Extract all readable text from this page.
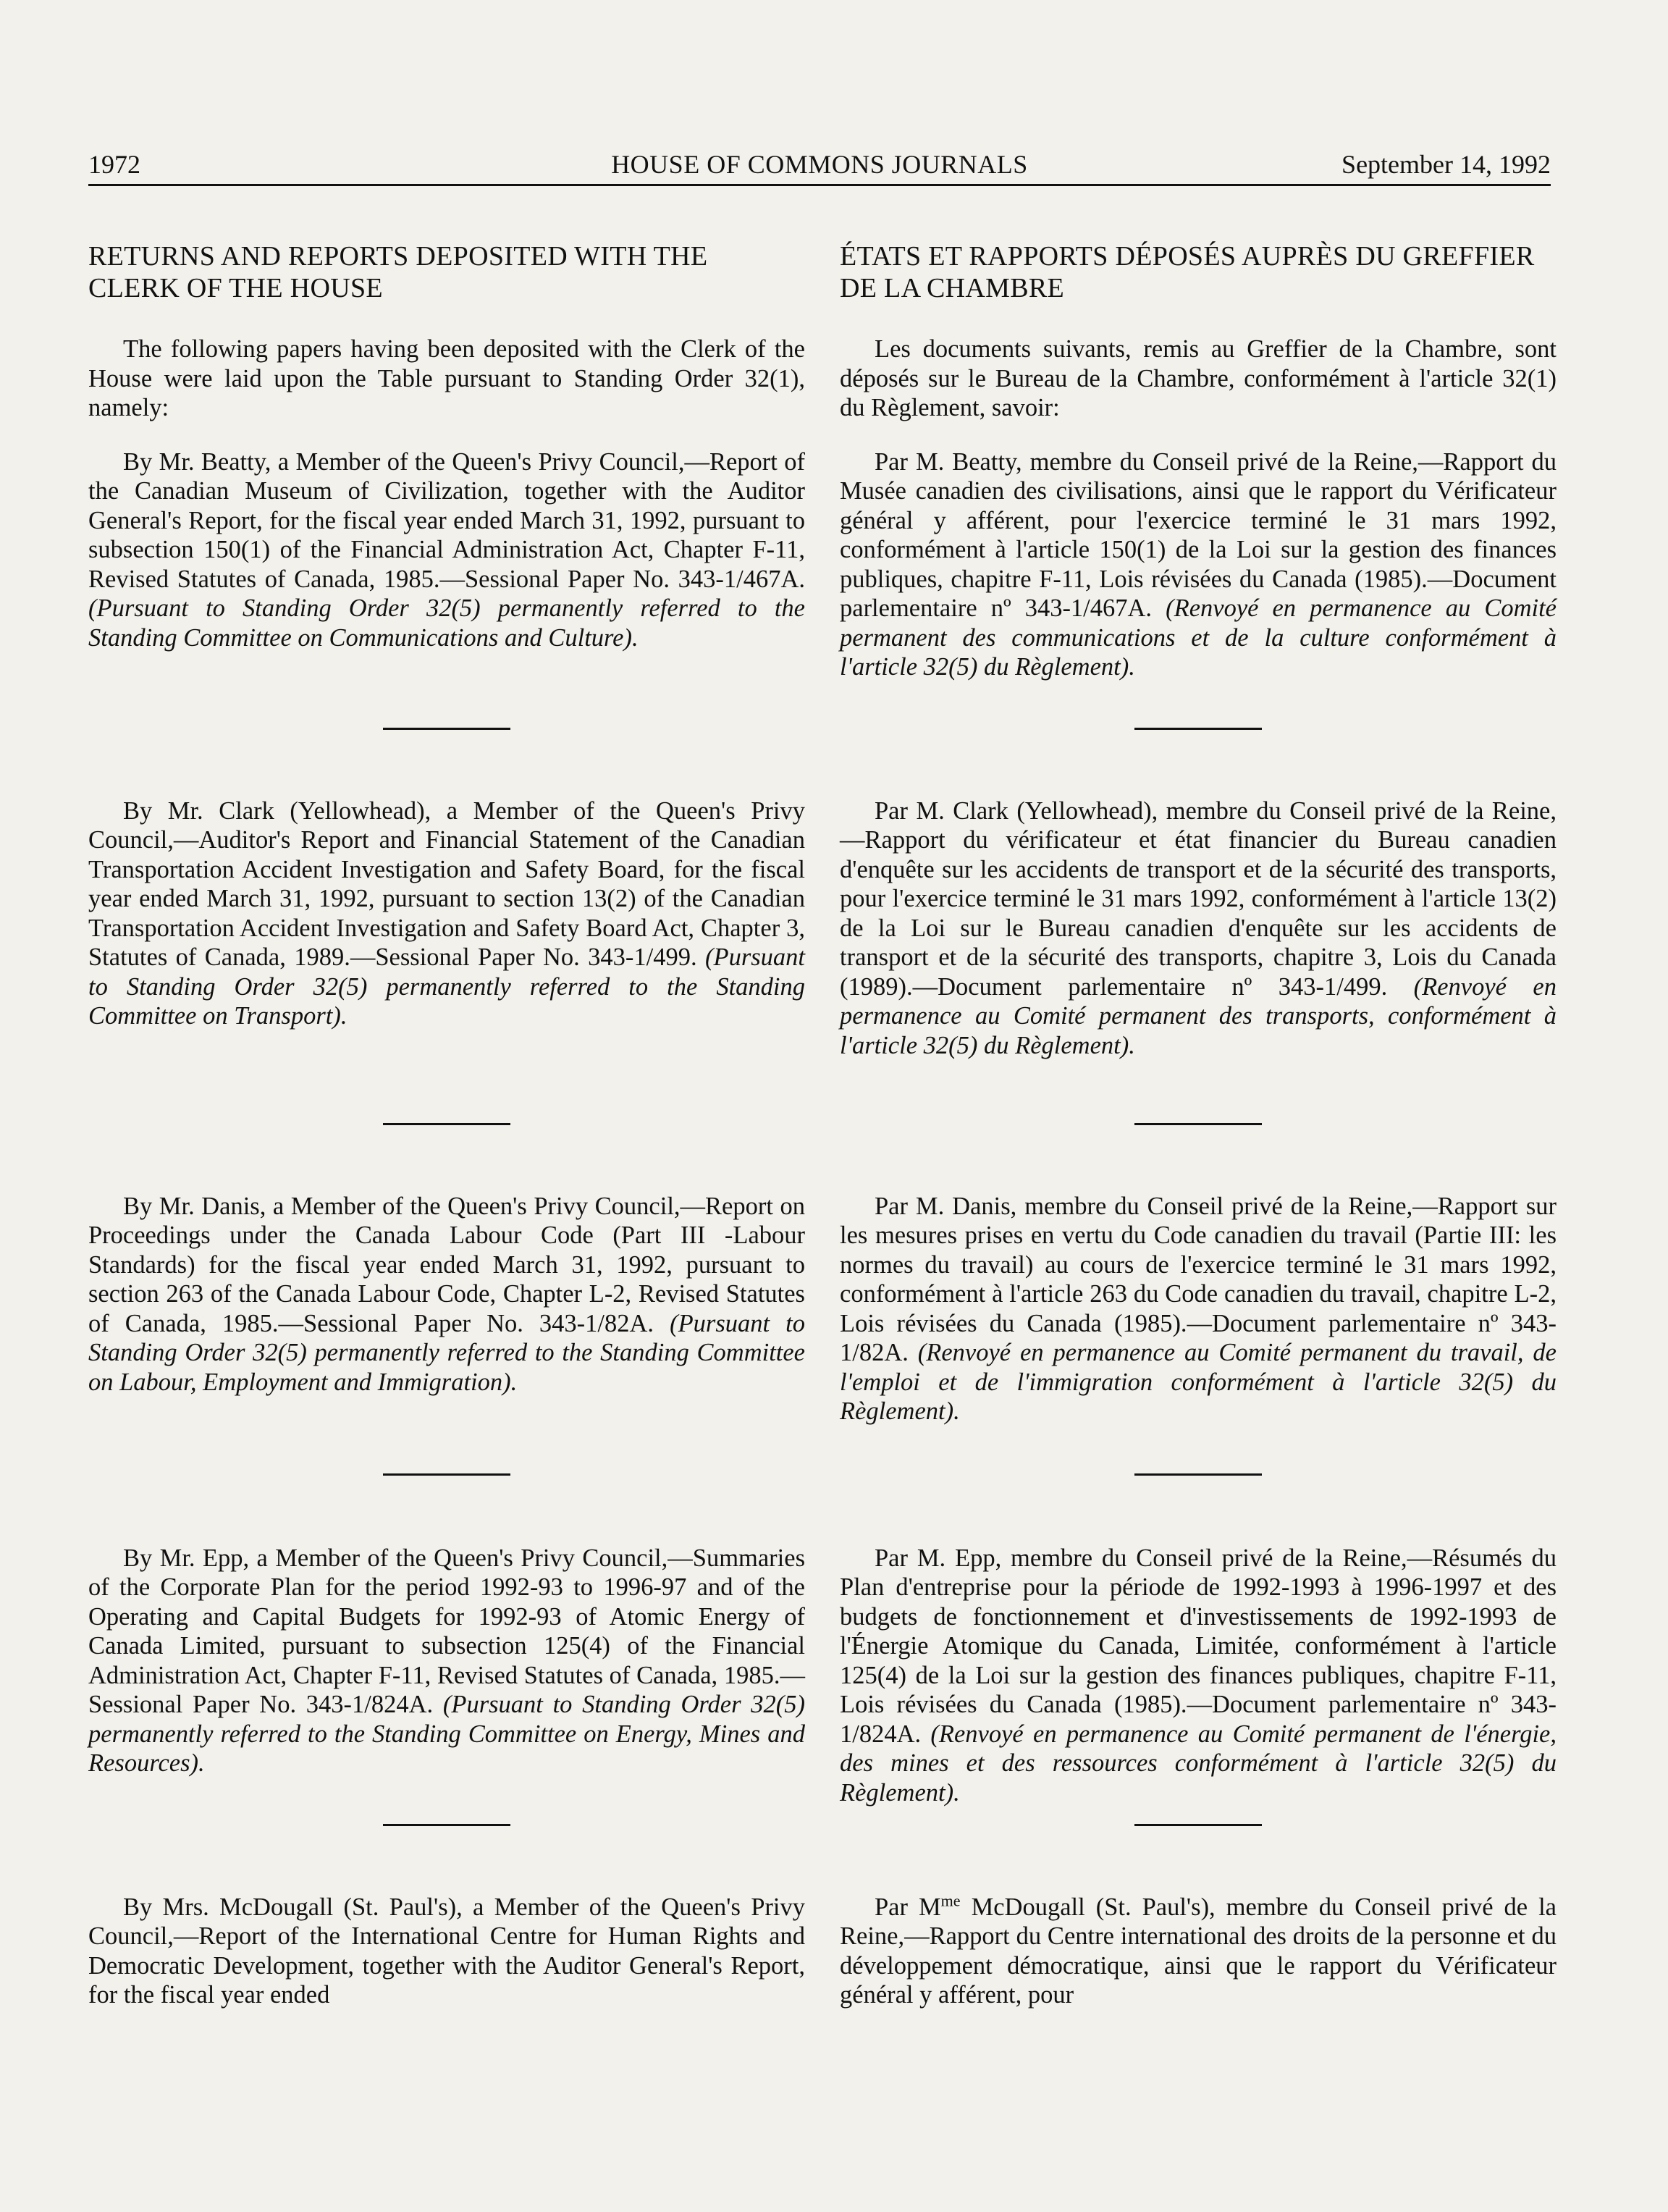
1972	HOUSE OF COMMONS JOURNALS	September 14, 1992
RETURNS AND REPORTS DEPOSITED WITH THE CLERK OF THE HOUSE

The following papers having been deposited with the Clerk of the House were laid upon the Table pursuant to Standing Order 32(1), namely:

By Mr. Beatty, a Member of the Queen's Privy Council,—Report of the Canadian Museum of Civilization, together with the Auditor General's Report, for the fiscal year ended March 31, 1992, pursuant to subsection 150(1) of the Financial Administration Act, Chapter F-11, Revised Statutes of Canada, 1985.—Sessional Paper No. 343-1/467A. (Pursuant to Standing Order 32(5) permanently referred to the Standing Committee on Communications and Culture).

By Mr. Clark (Yellowhead), a Member of the Queen's Privy Council,—Auditor's Report and Financial Statement of the Canadian Transportation Accident Investigation and Safety Board, for the fiscal year ended March 31, 1992, pursuant to section 13(2) of the Canadian Transportation Accident Investigation and Safety Board Act, Chapter 3, Statutes of Canada, 1989.—Sessional Paper No. 343-1/499. (Pursuant to Standing Order 32(5) permanently referred to the Standing Committee on Transport).

By Mr. Danis, a Member of the Queen's Privy Council,—Report on Proceedings under the Canada Labour Code (Part III -Labour Standards) for the fiscal year ended March 31, 1992, pursuant to section 263 of the Canada Labour Code, Chapter L-2, Revised Statutes of Canada, 1985.—Sessional Paper No. 343-1/82A. (Pursuant to Standing Order 32(5) permanently referred to the Standing Committee on Labour, Employment and Immigration).

By Mr. Epp, a Member of the Queen's Privy Council,—Summaries of the Corporate Plan for the period 1992-93 to 1996-97 and of the Operating and Capital Budgets for 1992-93 of Atomic Energy of Canada Limited, pursuant to subsection 125(4) of the Financial Administration Act, Chapter F-11, Revised Statutes of Canada, 1985.—Sessional Paper No. 343-1/824A. (Pursuant to Standing Order 32(5) permanently referred to the Standing Committee on Energy, Mines and Resources).

By Mrs. McDougall (St. Paul's), a Member of the Queen's Privy Council,—Report of the International Centre for Human Rights and Democratic Development, together with the Auditor General's Report, for the fiscal year ended

ÉTATS ET RAPPORTS DÉPOSÉS AUPRÈS DU GREFFIER DE LA CHAMBRE

Les documents suivants, remis au Greffier de la Chambre, sont déposés sur le Bureau de la Chambre, conformément à l'article 32(1) du Règlement, savoir:

Par M. Beatty, membre du Conseil privé de la Reine,—Rapport du Musée canadien des civilisations, ainsi que le rapport du Vérificateur général y afférent, pour l'exercice terminé le 31 mars 1992, conformément à l'article 150(1) de la Loi sur la gestion des finances publiques, chapitre F-11, Lois révisées du Canada (1985).—Document parlementaire nº 343-1/467A. (Renvoyé en permanence au Comité permanent des communications et de la culture conformément à l'article 32(5) du Règlement).

Par M. Clark (Yellowhead), membre du Conseil privé de la Reine,—Rapport du vérificateur et état financier du Bureau canadien d'enquête sur les accidents de transport et de la sécurité des transports, pour l'exercice terminé le 31 mars 1992, conformément à l'article 13(2) de la Loi sur le Bureau canadien d'enquête sur les accidents de transport et de la sécurité des transports, chapitre 3, Lois du Canada (1989).—Document parlementaire nº 343-1/499. (Renvoyé en permanence au Comité permanent des transports, conformément à l'article 32(5) du Règlement).

Par M. Danis, membre du Conseil privé de la Reine,—Rapport sur les mesures prises en vertu du Code canadien du travail (Partie III: les normes du travail) au cours de l'exercice terminé le 31 mars 1992, conformément à l'article 263 du Code canadien du travail, chapitre L-2, Lois révisées du Canada (1985).—Document parlementaire nº 343-1/82A. (Renvoyé en permanence au Comité permanent du travail, de l'emploi et de l'immigration conformément à l'article 32(5) du Règlement).

Par M. Epp, membre du Conseil privé de la Reine,—Résumés du Plan d'entreprise pour la période de 1992-1993 à 1996-1997 et des budgets de fonctionnement et d'investissements de 1992-1993 de l'Énergie Atomique du Canada, Limitée, conformément à l'article 125(4) de la Loi sur la gestion des finances publiques, chapitre F-11, Lois révisées du Canada (1985).—Document parlementaire nº 343-1/824A. (Renvoyé en permanence au Comité permanent de l'énergie, des mines et des ressources conformément à l'article 32(5) du Règlement).

Par $M^{me}$ McDougall (St. Paul's), membre du Conseil privé de la Reine,—Rapport du Centre international des droits de la personne et du développement démocratique, ainsi que le rapport du Vérificateur général y afférent, pour
